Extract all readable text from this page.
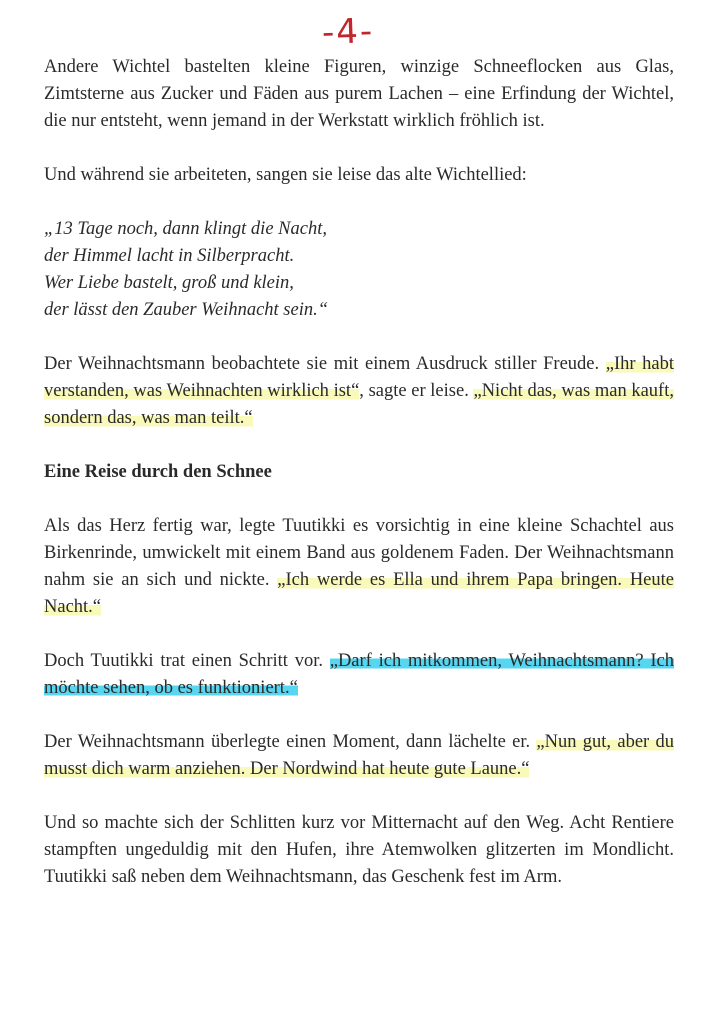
-4-

Andere Wichtel bastelten kleine Figuren, winzige Schneeflocken aus Glas, Zimtsterne aus Zucker und Fäden aus purem Lachen – eine Erfindung der Wichtel, die nur entsteht, wenn jemand in der Werkstatt wirklich fröhlich ist.

Und während sie arbeiteten, sangen sie leise das alte Wichtellied:

„13 Tage noch, dann klingt die Nacht,

der Himmel lacht in Silberpracht.

Wer Liebe bastelt, groß und klein,

der lässt den Zauber Weihnacht sein.“

Der Weihnachtsmann beobachtete sie mit einem Ausdruck stiller Freude. „Ihr habt verstanden, was Weihnachten wirklich ist“, sagte er leise. „Nicht das, was man kauft, sondern das, was man teilt.“

Eine Reise durch den Schnee

Als das Herz fertig war, legte Tuutikki es vorsichtig in eine kleine Schachtel aus Birkenrinde, umwickelt mit einem Band aus goldenem Faden. Der Weihnachtsmann nahm sie an sich und nickte. „Ich werde es Ella und ihrem Papa bringen. Heute Nacht.“

Doch Tuutikki trat einen Schritt vor. „Darf ich mitkommen, Weihnachtsmann? Ich möchte sehen, ob es funktioniert.“

Der Weihnachtsmann überlegte einen Moment, dann lächelte er. „Nun gut, aber du musst dich warm anziehen. Der Nordwind hat heute gute Laune.“

Und so machte sich der Schlitten kurz vor Mitternacht auf den Weg. Acht Rentiere stampften ungeduldig mit den Hufen, ihre Atemwolken glitzerten im Mondlicht. Tuutikki saß neben dem Weihnachtsmann, das Geschenk fest im Arm.
